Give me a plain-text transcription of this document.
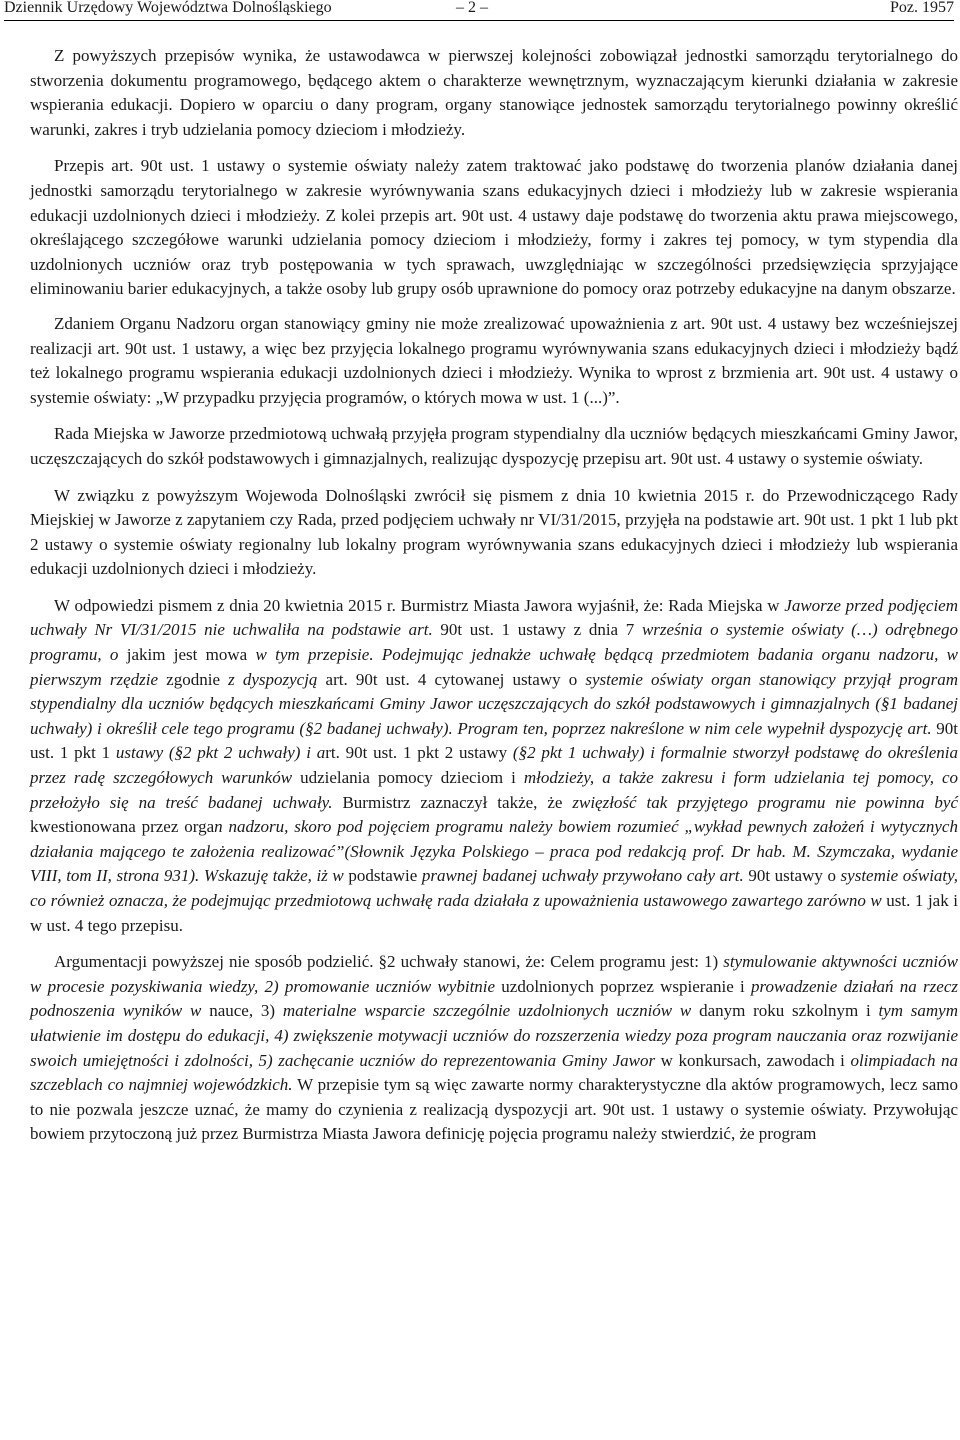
Dziennik Urzędowy Województwa Dolnośląskiego	– 2 –	Poz. 1957

Z powyższych przepisów wynika, że ustawodawca w pierwszej kolejności zobowiązał jednostki samorządu terytorialnego do stworzenia dokumentu programowego, będącego aktem o charakterze wewnętrznym, wyznaczającym kierunki działania w zakresie wspierania edukacji. Dopiero w oparciu o dany program, organy stanowiące jednostek samorządu terytorialnego powinny określić warunki, zakres i tryb udzielania pomocy dzieciom i młodzieży.

Przepis art. 90t ust. 1 ustawy o systemie oświaty należy zatem traktować jako podstawę do tworzenia planów działania danej jednostki samorządu terytorialnego w zakresie wyrównywania szans edukacyjnych dzieci i młodzieży lub w zakresie wspierania edukacji uzdolnionych dzieci i młodzieży. Z kolei przepis art. 90t ust. 4 ustawy daje podstawę do tworzenia aktu prawa miejscowego, określającego szczegółowe warunki udzielania pomocy dzieciom i młodzieży, formy i zakres tej pomocy, w tym stypendia dla uzdolnionych uczniów oraz tryb postępowania w tych sprawach, uwzględniając w szczególności przedsięwzięcia sprzyjające eliminowaniu barier edukacyjnych, a także osoby lub grupy osób uprawnione do pomocy oraz potrzeby edukacyjne na danym obszarze.

Zdaniem Organu Nadzoru organ stanowiący gminy nie może zrealizować upoważnienia z art. 90t ust. 4 ustawy bez wcześniejszej realizacji art. 90t ust. 1 ustawy, a więc bez przyjęcia lokalnego programu wyrównywania szans edukacyjnych dzieci i młodzieży bądź też lokalnego programu wspierania edukacji uzdolnionych dzieci i młodzieży. Wynika to wprost z brzmienia art. 90t ust. 4 ustawy o systemie oświaty: „W przypadku przyjęcia programów, o których mowa w ust. 1 (...)”.

Rada Miejska w Jaworze przedmiotową uchwałą przyjęła program stypendialny dla uczniów będących mieszkańcami Gminy Jawor, uczęszczających do szkół podstawowych i gimnazjalnych, realizując dyspozycję przepisu art. 90t ust. 4 ustawy o systemie oświaty.

W związku z powyższym Wojewoda Dolnośląski zwrócił się pismem z dnia 10 kwietnia 2015 r. do Przewodniczącego Rady Miejskiej w Jaworze z zapytaniem czy Rada, przed podjęciem uchwały nr VI/31/2015, przyjęła na podstawie art. 90t ust. 1 pkt 1 lub pkt 2 ustawy o systemie oświaty regionalny lub lokalny program wyrównywania szans edukacyjnych dzieci i młodzieży lub wspierania edukacji uzdolnionych dzieci i młodzieży.

W odpowiedzi pismem z dnia 20 kwietnia 2015 r. Burmistrz Miasta Jawora wyjaśnił, że: Rada Miejska w Jaworze przed podjęciem uchwały Nr VI/31/2015 nie uchwaliła na podstawie art. 90t ust. 1 ustawy z dnia 7 września o systemie oświaty (…) odrębnego programu, o jakim jest mowa w tym przepisie. Podejmując jednakże uchwałę będącą przedmiotem badania organu nadzoru, w pierwszym rzędzie zgodnie z dyspozycją art. 90t ust. 4 cytowanej ustawy o systemie oświaty organ stanowiący przyjął program stypendialny dla uczniów będących mieszkańcami Gminy Jawor uczęszczających do szkół podstawowych i gimnazjalnych (§1 badanej uchwały) i określił cele tego programu (§2 badanej uchwały). Program ten, poprzez nakreślone w nim cele wypełnił dyspozycję art. 90t ust. 1 pkt 1 ustawy (§2 pkt 2 uchwały) i art. 90t ust. 1 pkt 2 ustawy (§2 pkt 1 uchwały) i formalnie stworzył podstawę do określenia przez radę szczegółowych warunków udzielania pomocy dzieciom i młodzieży, a także zakresu i form udzielania tej pomocy, co przełożyło się na treść badanej uchwały. Burmistrz zaznaczył także, że zwięzłość tak przyjętego programu nie powinna być kwestionowana przez organ nadzoru, skoro pod pojęciem programu należy bowiem rozumieć „wykład pewnych założeń i wytycznych działania mającego te założenia realizować”(Słownik Języka Polskiego – praca pod redakcją prof. Dr hab. M. Szymczaka, wydanie VIII, tom II, strona 931). Wskazuję także, iż w podstawie prawnej badanej uchwały przywołano cały art. 90t ustawy o systemie oświaty, co również oznacza, że podejmując przedmiotową uchwałę rada działała z upoważnienia ustawowego zawartego zarówno w ust. 1 jak i w ust. 4 tego przepisu.

Argumentacji powyższej nie sposób podzielić. §2 uchwały stanowi, że: Celem programu jest: 1) stymulowanie aktywności uczniów w procesie pozyskiwania wiedzy, 2) promowanie uczniów wybitnie uzdolnionych poprzez wspieranie i prowadzenie działań na rzecz podnoszenia wyników w nauce, 3) materialne wsparcie szczególnie uzdolnionych uczniów w danym roku szkolnym i tym samym ułatwienie im dostępu do edukacji, 4) zwiększenie motywacji uczniów do rozszerzenia wiedzy poza program nauczania oraz rozwijanie swoich umiejętności i zdolności, 5) zachęcanie uczniów do reprezentowania Gminy Jawor w konkursach, zawodach i olimpiadach na szczeblach co najmniej wojewódzkich. W przepisie tym są więc zawarte normy charakterystyczne dla aktów programowych, lecz samo to nie pozwala jeszcze uznać, że mamy do czynienia z realizacją dyspozycji art. 90t ust. 1 ustawy o systemie oświaty. Przywołując bowiem przytoczoną już przez Burmistrza Miasta Jawora definicję pojęcia programu należy stwierdzić, że program
